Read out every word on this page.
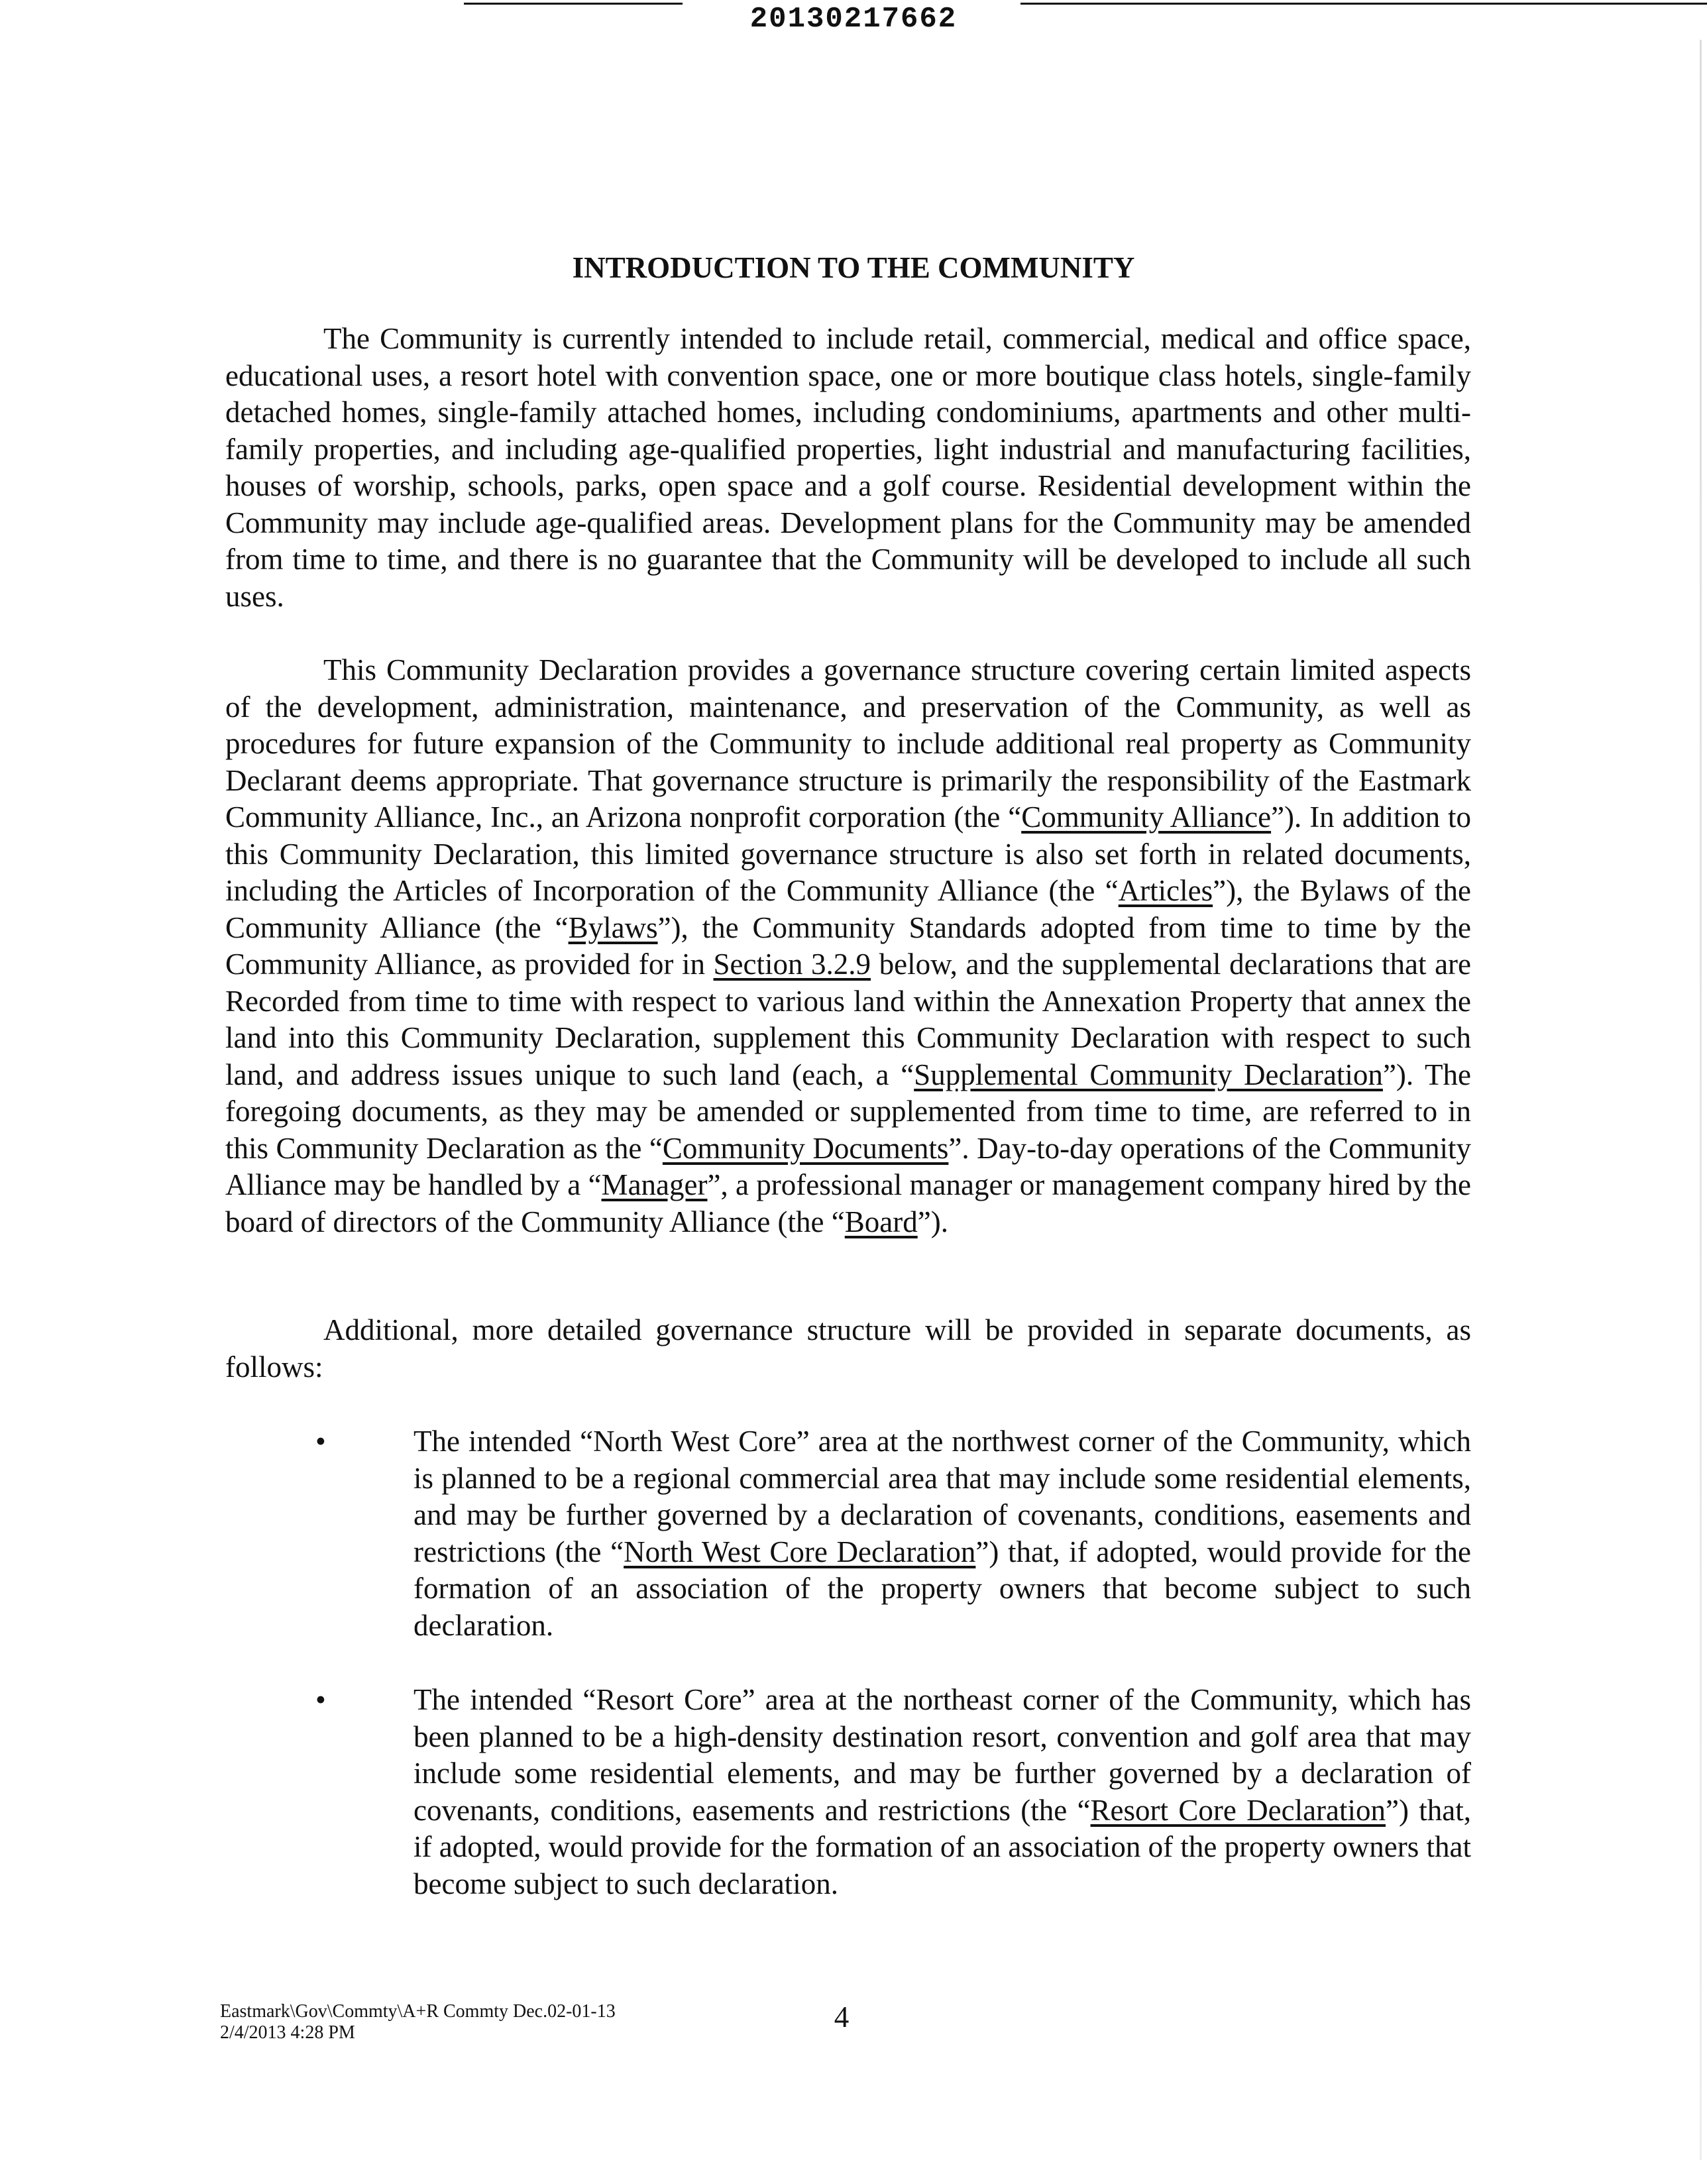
20130217662
INTRODUCTION TO THE COMMUNITY

The Community is currently intended to include retail, commercial, medical and office space, educational uses, a resort hotel with convention space, one or more boutique class hotels, single-family detached homes, single-family attached homes, including condominiums, apartments and other multi-family properties, and including age-qualified properties, light industrial and manufacturing facilities, houses of worship, schools, parks, open space and a golf course. Residential development within the Community may include age-qualified areas. Development plans for the Community may be amended from time to time, and there is no guarantee that the Community will be developed to include all such uses.

This Community Declaration provides a governance structure covering certain limited aspects of the development, administration, maintenance, and preservation of the Community, as well as procedures for future expansion of the Community to include additional real property as Community Declarant deems appropriate. That governance structure is primarily the responsibility of the Eastmark Community Alliance, Inc., an Arizona nonprofit corporation (the “Community Alliance”). In addition to this Community Declaration, this limited governance structure is also set forth in related documents, including the Articles of Incorporation of the Community Alliance (the “Articles”), the Bylaws of the Community Alliance (the “Bylaws”), the Community Standards adopted from time to time by the Community Alliance, as provided for in Section 3.2.9 below, and the supplemental declarations that are Recorded from time to time with respect to various land within the Annexation Property that annex the land into this Community Declaration, supplement this Community Declaration with respect to such land, and address issues unique to such land (each, a “Supplemental Community Declaration”). The foregoing documents, as they may be amended or supplemented from time to time, are referred to in this Community Declaration as the “Community Documents”. Day-to-day operations of the Community Alliance may be handled by a “Manager”, a professional manager or management company hired by the board of directors of the Community Alliance (the “Board”).

Additional, more detailed governance structure will be provided in separate documents, as follows:

•	The intended “North West Core” area at the northwest corner of the Community, which is planned to be a regional commercial area that may include some residential elements, and may be further governed by a declaration of covenants, conditions, easements and restrictions (the “North West Core Declaration”) that, if adopted, would provide for the formation of an association of the property owners that become subject to such declaration.
•	The intended “Resort Core” area at the northeast corner of the Community, which has been planned to be a high-density destination resort, convention and golf area that may include some residential elements, and may be further governed by a declaration of covenants, conditions, easements and restrictions (the “Resort Core Declaration”) that, if adopted, would provide for the formation of an association of the property owners that become subject to such declaration.
Eastmark\Gov\Commty\A+R Commty Dec.02-01-13
2/4/2013 4:28 PM	4
